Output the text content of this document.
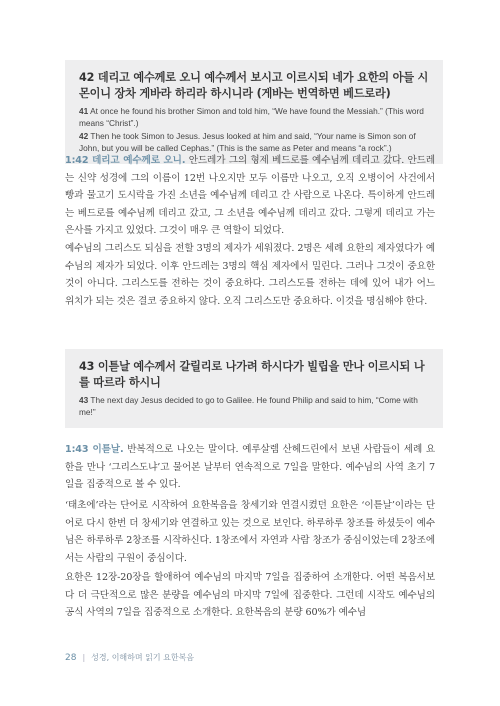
42 데리고 예수께로 오니 예수께서 보시고 이르시되 네가 요한의 아들 시몬이니 장차 게바라 하리라 하시니라 (게바는 번역하면 베드로라)

41 At once he found his brother Simon and told him, “We have found the Messiah.” (This word means “Christ”.)

42 Then he took Simon to Jesus. Jesus looked at him and said, “Your name is Simon son of John, but you will be called Cephas.” (This is the same as Peter and means “a rock”.)

1:42 데리고 예수께로 오니. 안드레가 그의 형제 베드로를 예수님께 데리고 갔다. 안드레는 신약 성경에 그의 이름이 12번 나오지만 모두 이름만 나오고, 오직 오병이어 사건에서 빵과 물고기 도시락을 가진 소년을 예수님께 데리고 간 사람으로 나온다. 특이하게 안드레는 베드로를 예수님께 데리고 갔고, 그 소년을 예수님께 데리고 갔다. 그렇게 데리고 가는 은사를 가지고 있었다. 그것이 매우 큰 역할이 되었다.

예수님의 그리스도 되심을 전할 3명의 제자가 세워졌다. 2명은 세례 요한의 제자였다가 예수님의 제자가 되었다. 이후 안드레는 3명의 핵심 제자에서 밀린다. 그러나 그것이 중요한 것이 아니다. 그리스도를 전하는 것이 중요하다. 그리스도를 전하는 데에 있어 내가 어느 위치가 되는 것은 결코 중요하지 않다. 오직 그리스도만 중요하다. 이것을 명심해야 한다.

43 이튿날 예수께서 갈릴리로 나가려 하시다가 빌립을 만나 이르시되 나를 따르라 하시니

43 The next day Jesus decided to go to Galilee. He found Philip and said to him, “Come with me!”

1:43 이튿날. 반복적으로 나오는 말이다. 예루살렘 산헤드린에서 보낸 사람들이 세례 요한을 만나 ‘그리스도냐’고 물어본 날부터 연속적으로 7일을 말한다. 예수님의 사역 초기 7일을 집중적으로 볼 수 있다.

‘태초에’라는 단어로 시작하여 요한복음을 창세기와 연결시켰던 요한은 ‘이튿날’이라는 단어로 다시 한번 더 창세기와 연결하고 있는 것으로 보인다. 하루하루 창조를 하셨듯이 예수님은 하루하루 2창조를 시작하신다. 1창조에서 자연과 사람 창조가 중심이었는데 2창조에서는 사람의 구원이 중심이다.

요한은 12장-20장을 할애하여 예수님의 마지막 7일을 집중하여 소개한다. 어떤 복음서보다 더 극단적으로 많은 분량을 예수님의 마지막 7일에 집중한다. 그런데 시작도 예수님의 공식 사역의 7일을 집중적으로 소개한다. 요한복음의 분량 60%가 예수님

28 | 성경, 이해하며 읽기 요한복음
